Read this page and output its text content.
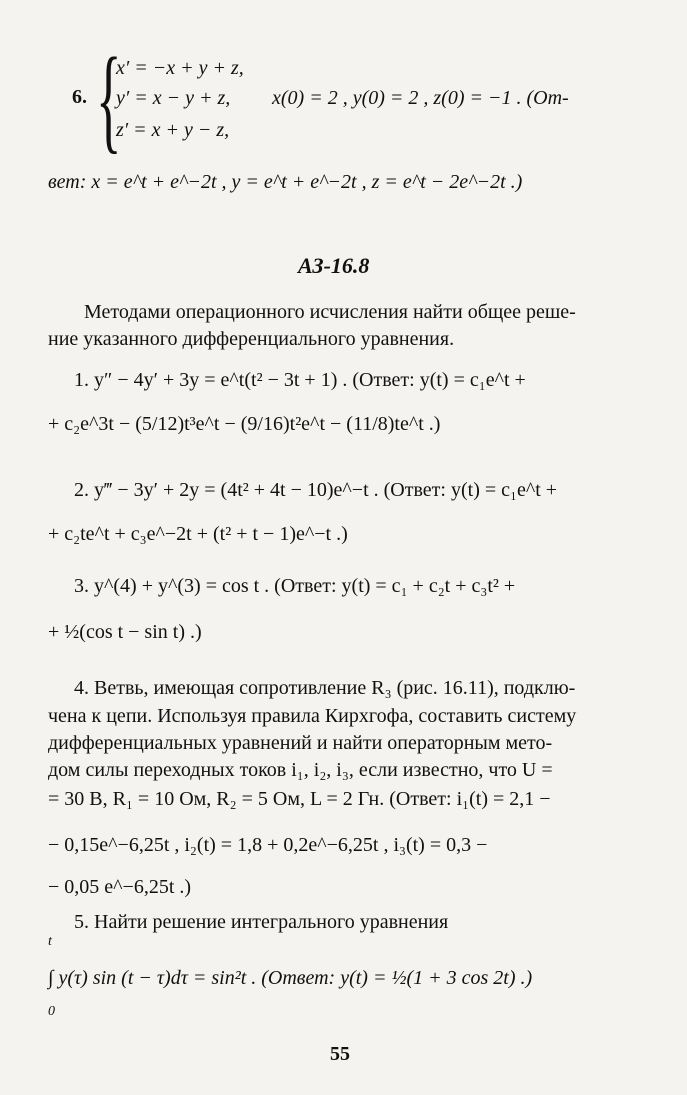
6. {
x′ = −x + y + z,
y′ = x − y + z,
z′ = x + y − z,
x(0) = 2 , y(0) = 2 , z(0) = −1 . (От-
вет: x = e^t + e^−2t , y = e^t + e^−2t , z = e^t − 2e^−2t .)
АЗ-16.8
Методами операционного исчисления найти общее реше-
ние указанного дифференциального уравнения.
1. y″ − 4y′ + 3y = e^t(t² − 3t + 1) . (Ответ: y(t) = c₁e^t +
+ c₂e^3t − (5/12)t³e^t − (9/16)t²e^t − (11/8)te^t .)
2. y‴ − 3y′ + 2y = (4t² + 4t − 10)e^−t . (Ответ: y(t) = c₁e^t +
+ c₂te^t + c₃e^−2t + (t² + t − 1)e^−t .)
3. y^(4) + y^(3) = cos t . (Ответ: y(t) = c₁ + c₂t + c₃t² +
+ ½(cos t − sin t) .)
4. Ветвь, имеющая сопротивление R₃ (рис. 16.11), подклю-
чена к цепи. Используя правила Кирхгофа, составить систему
дифференциальных уравнений и найти операторным мето-
дом силы переходных токов i₁, i₂, i₃, если известно, что U =
= 30 В, R₁ = 10 Ом, R₂ = 5 Ом, L = 2 Гн. (Ответ: i₁(t) = 2,1 −
− 0,15e^−6,25t , i₂(t) = 1,8 + 0,2e^−6,25t , i₃(t) = 0,3 −
− 0,05 e^−6,25t .)
5. Найти решение интегрального уравнения
t
∫ y(τ) sin (t − τ)dτ = sin²t . (Ответ: y(t) = ½(1 + 3 cos 2t) .)
0
55
